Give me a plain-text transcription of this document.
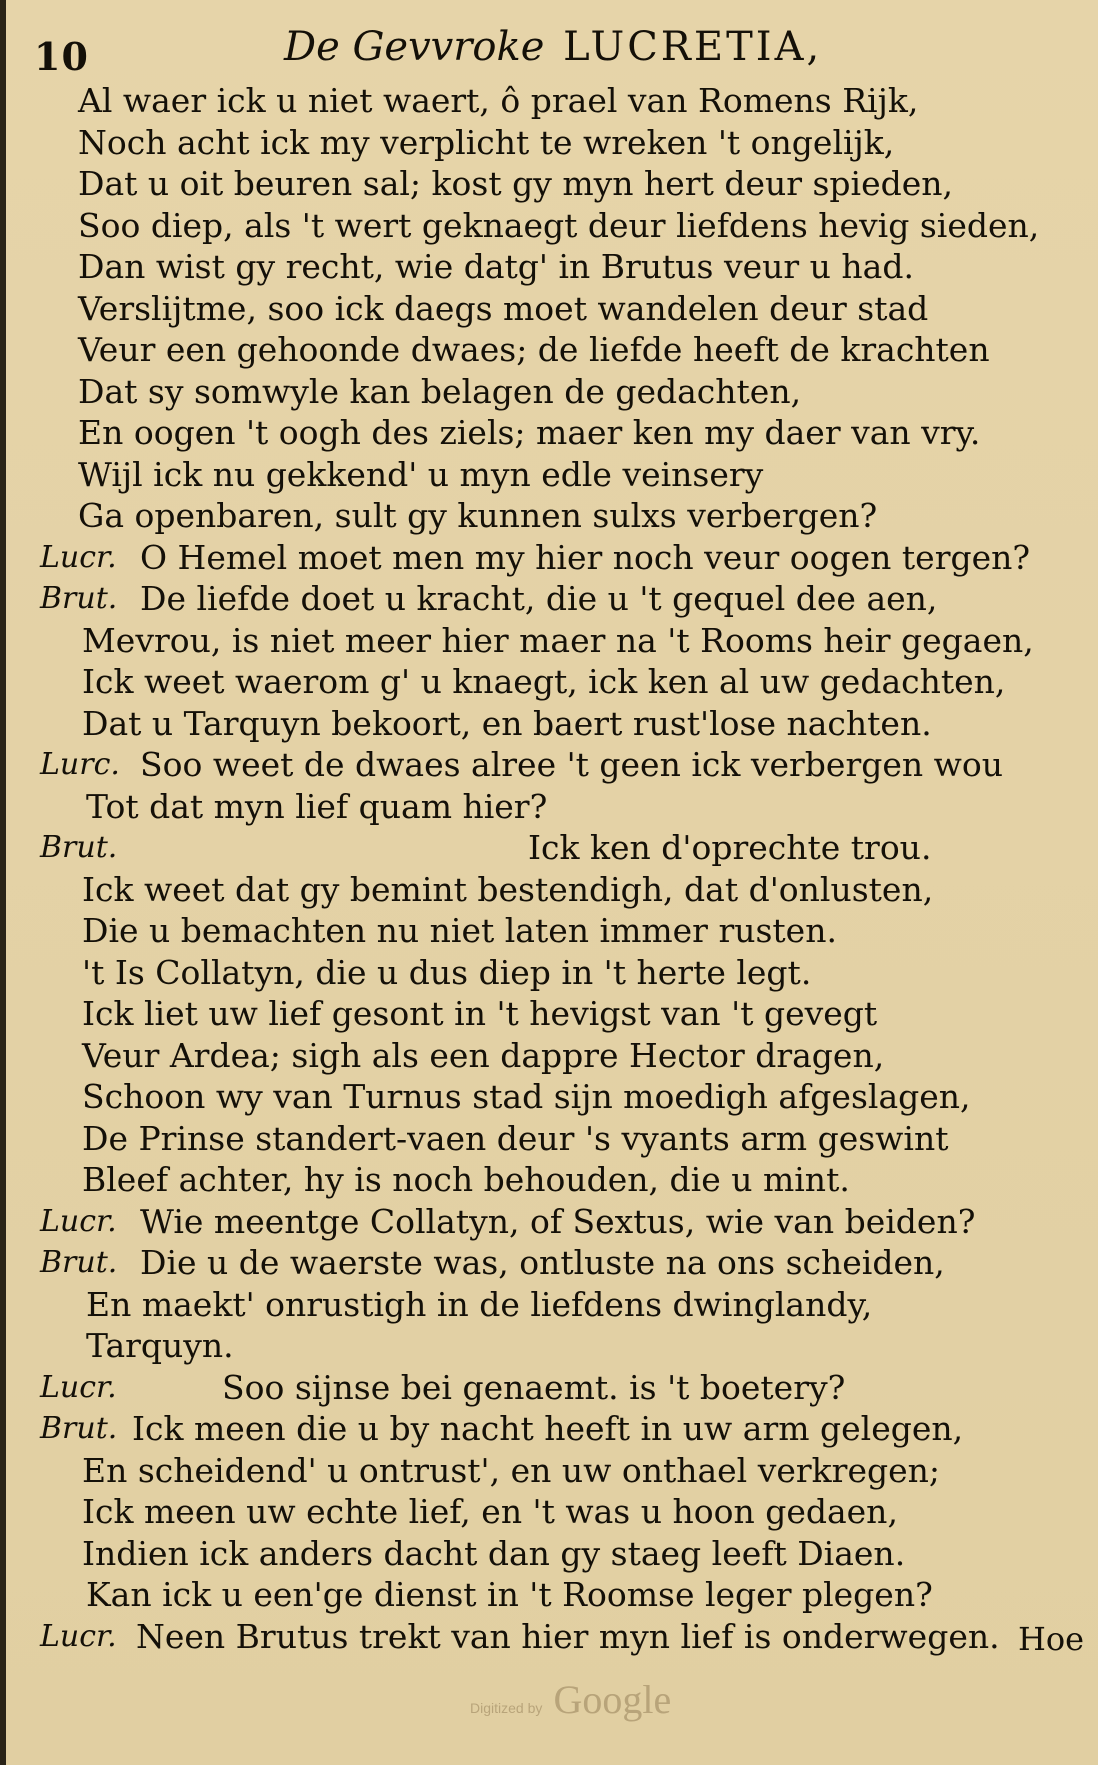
10	De Gevvroke LUCRETIA,
Al waer ick u niet waert, ô prael van Romens Rijk,
Noch acht ick my verplicht te wreken 't ongelijk,
Dat u oit beuren sal; kost gy myn hert deur spieden,
Soo diep, als 't wert geknaegt deur liefdens hevig sieden,
Dan wist gy recht, wie datg' in Brutus veur u had.
Verslijtme, soo ick daegs moet wandelen deur stad
Veur een gehoonde dwaes; de liefde heeft de krachten
Dat sy somwyle kan belagen de gedachten,
En oogen 't oogh des ziels; maer ken my daer van vry.
Wijl ick nu gekkend' u myn edle veinsery
Ga openbaren, sult gy kunnen sulxs verbergen?
Lucr. O Hemel moet men my hier noch veur oogen tergen?
Brut. De liefde doet u kracht, die u 't gequel dee aen,
Mevrou, is niet meer hier maer na 't Rooms heir gegaen,
Ick weet waerom g' u knaegt, ick ken al uw gedachten,
Dat u Tarquyn bekoort, en baert rust'lose nachten.
Lurc. Soo weet de dwaes alree 't geen ick verbergen wou
Tot dat myn lief quam hier?
Brut.	Ick ken d'oprechte trou.
Ick weet dat gy bemint bestendigh, dat d'onlusten,
Die u bemachten nu niet laten immer rusten.
't Is Collatyn, die u dus diep in 't herte legt.
Ick liet uw lief gesont in 't hevigst van 't gevegt
Veur Ardea; sigh als een dappre Hector dragen,
Schoon wy van Turnus stad sijn moedigh afgeslagen,
De Prinse standert-vaen deur 's vyants arm geswint
Bleef achter, hy is noch behouden, die u mint.
Lucr. Wie meentge Collatyn, of Sextus, wie van beiden?
Brut. Die u de waerste was, ontluste na ons scheiden,
En maekt' onrustigh in de liefdens dwinglandy,
Tarquyn.
Lucr.	Soo sijnse bei genaemt. is 't boetery?
Brut. Ick meen die u by nacht heeft in uw arm gelegen,
En scheidend' u ontrust', en uw onthael verkregen;
Ick meen uw echte lief, en 't was u hoon gedaen,
Indien ick anders dacht dan gy staeg leeft Diaen.
Kan ick u een'ge dienst in 't Roomse leger plegen?
Lucr. Neen Brutus trekt van hier myn lief is onderwegen. Hoe
Digitized by Google
